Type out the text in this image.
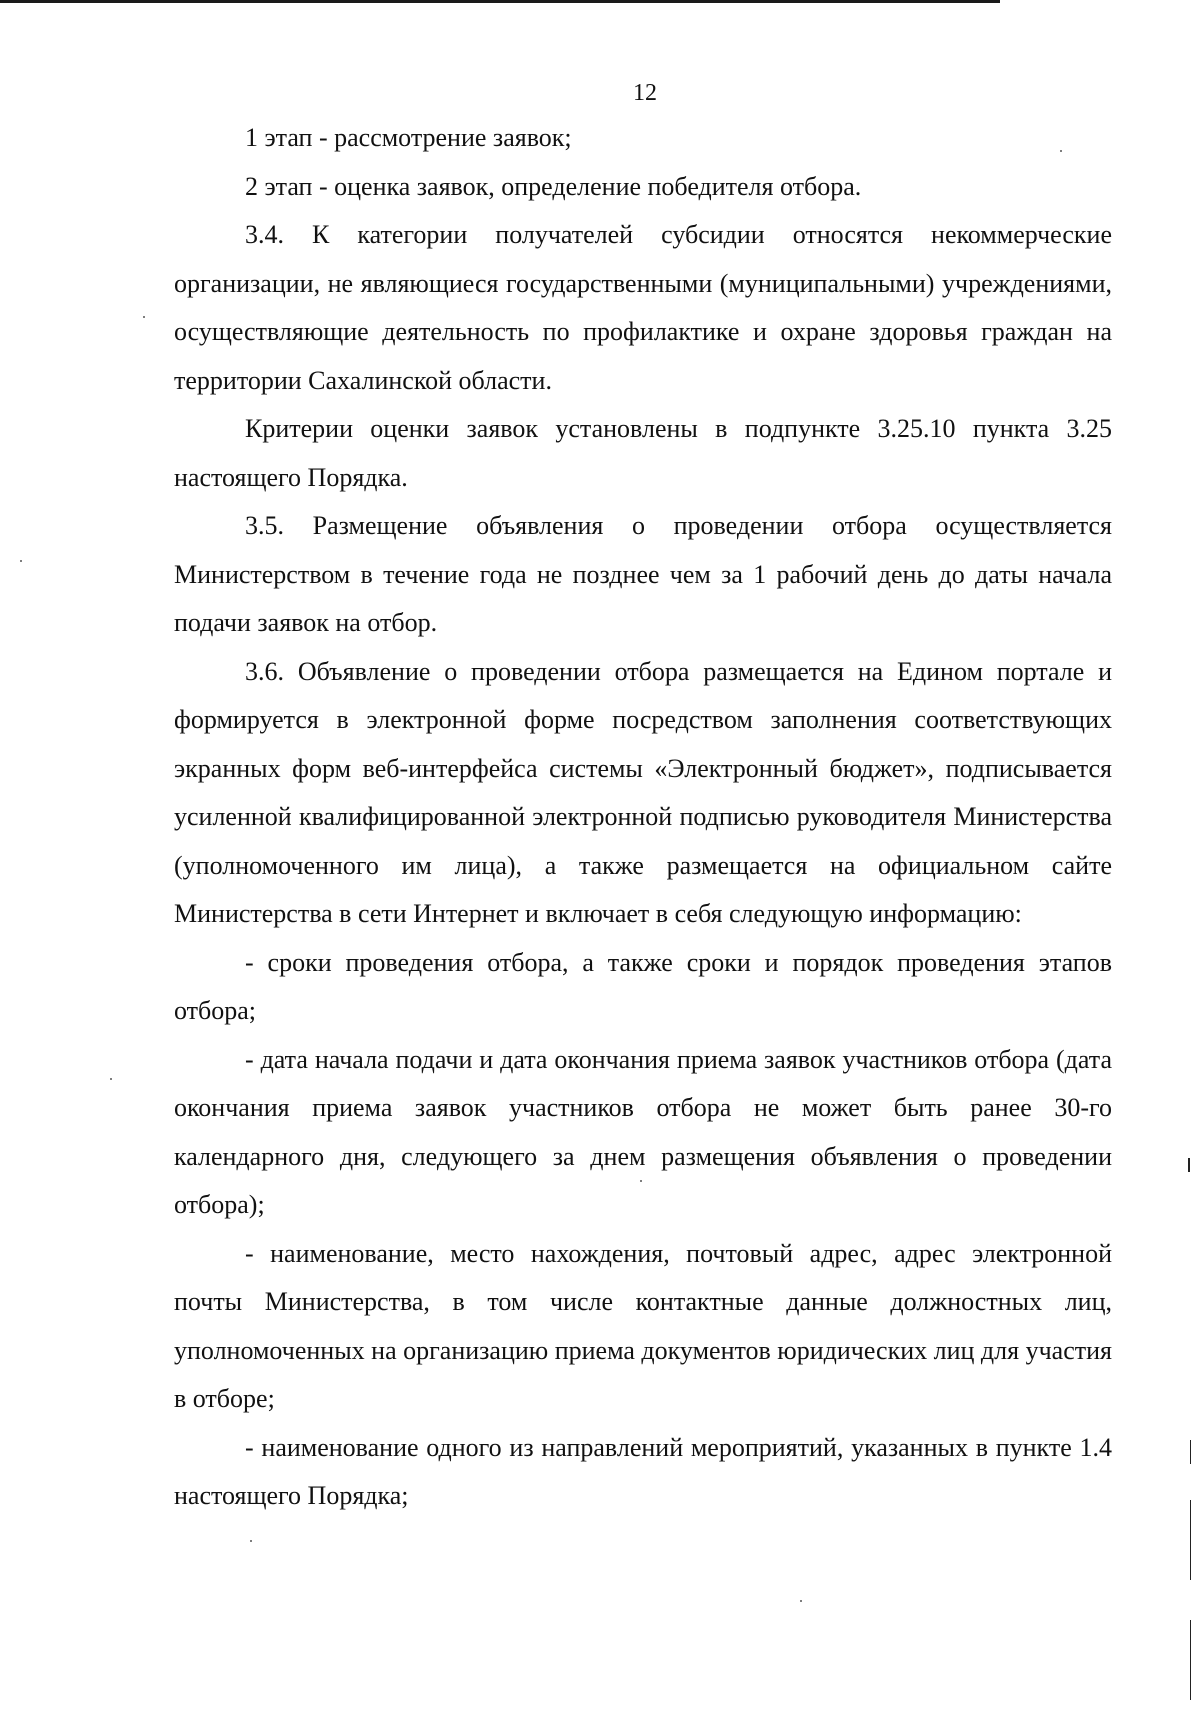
12

1 этап - рассмотрение заявок;

2 этап - оценка заявок, определение победителя отбора.

3.4. К категории получателей субсидии относятся некоммерческие организации, не являющиеся государственными (муниципальными) учреждениями, осуществляющие деятельность по профилактике и охране здоровья граждан на территории Сахалинской области.

Критерии оценки заявок установлены в подпункте 3.25.10 пункта 3.25 настоящего Порядка.

3.5. Размещение объявления о проведении отбора осуществляется Министерством в течение года не позднее чем за 1 рабочий день до даты начала подачи заявок на отбор.

3.6. Объявление о проведении отбора размещается на Едином портале и формируется в электронной форме посредством заполнения соответствующих экранных форм веб-интерфейса системы «Электронный бюджет», подписывается усиленной квалифицированной электронной подписью руководителя Министерства (уполномоченного им лица), а также размещается на официальном сайте Министерства в сети Интернет и включает в себя следующую информацию:

- сроки проведения отбора, а также сроки и порядок проведения этапов отбора;

- дата начала подачи и дата окончания приема заявок участников отбора (дата окончания приема заявок участников отбора не может быть ранее 30-го календарного дня, следующего за днем размещения объявления о проведении отбора);

- наименование, место нахождения, почтовый адрес, адрес электронной почты Министерства, в том числе контактные данные должностных лиц, уполномоченных на организацию приема документов юридических лиц для участия в отборе;

- наименование одного из направлений мероприятий, указанных в пункте 1.4 настоящего Порядка;
